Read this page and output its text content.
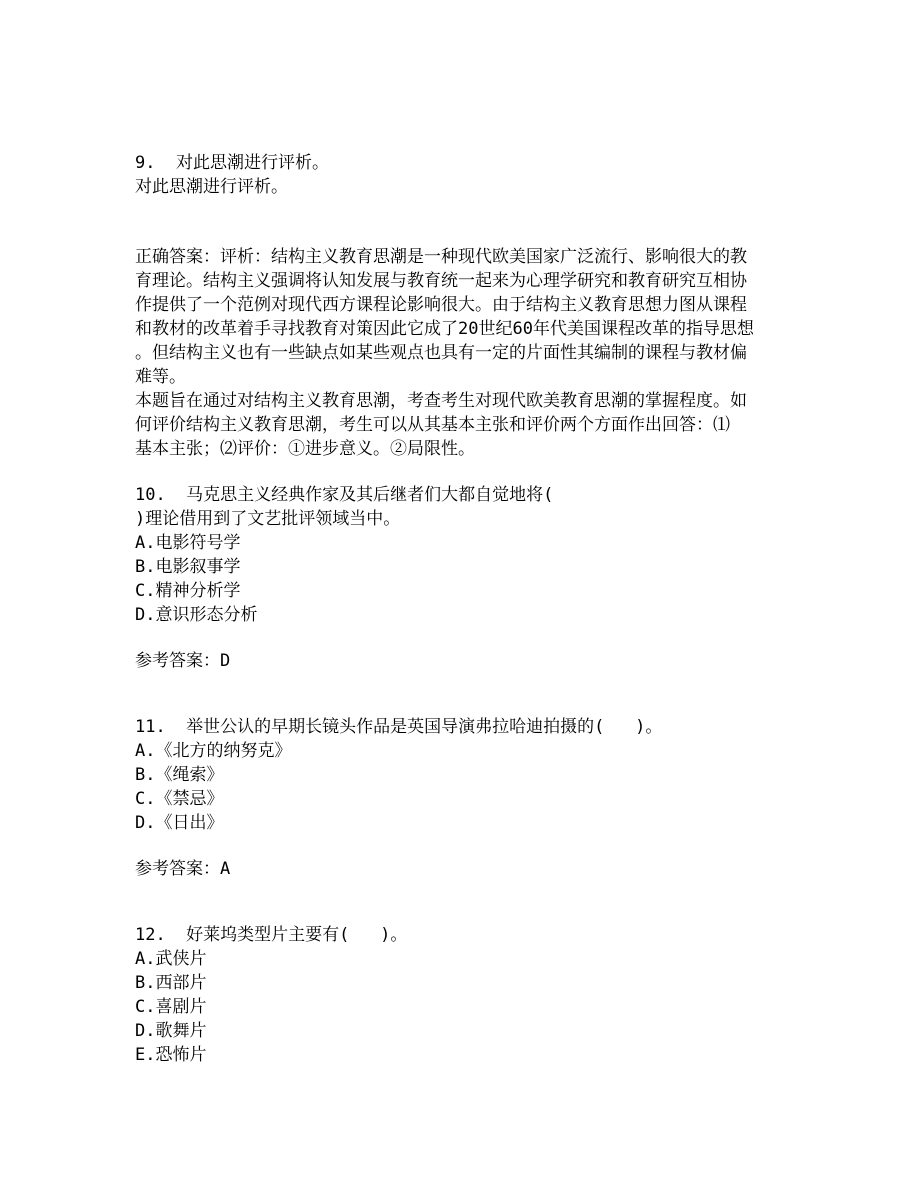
9.  对此思潮进行评析。
对此思潮进行评析。
正确答案：评析：结构主义教育思潮是一种现代欧美国家广泛流行、影响很大的教
育理论。结构主义强调将认知发展与教育统一起来为心理学研究和教育研究互相协
作提供了一个范例对现代西方课程论影响很大。由于结构主义教育思想力图从课程
和教材的改革着手寻找教育对策因此它成了20世纪60年代美国课程改革的指导思想
。但结构主义也有一些缺点如某些观点也具有一定的片面性其编制的课程与教材偏
难等。
本题旨在通过对结构主义教育思潮，考查考生对现代欧美教育思潮的掌握程度。如
何评价结构主义教育思潮，考生可以从其基本主张和评价两个方面作出回答：⑴
基本主张；⑵评价：①进步意义。②局限性。
10.  马克思主义经典作家及其后继者们大都自觉地将(
)理论借用到了文艺批评领域当中。
A.电影符号学
B.电影叙事学
C.精神分析学
D.意识形态分析
参考答案：D
11.  举世公认的早期长镜头作品是英国导演弗拉哈迪拍摄的(   )。
A.《北方的纳努克》
B.《绳索》
C.《禁忌》
D.《日出》
参考答案：A
12.  好莱坞类型片主要有(   )。
A.武侠片
B.西部片
C.喜剧片
D.歌舞片
E.恐怖片
